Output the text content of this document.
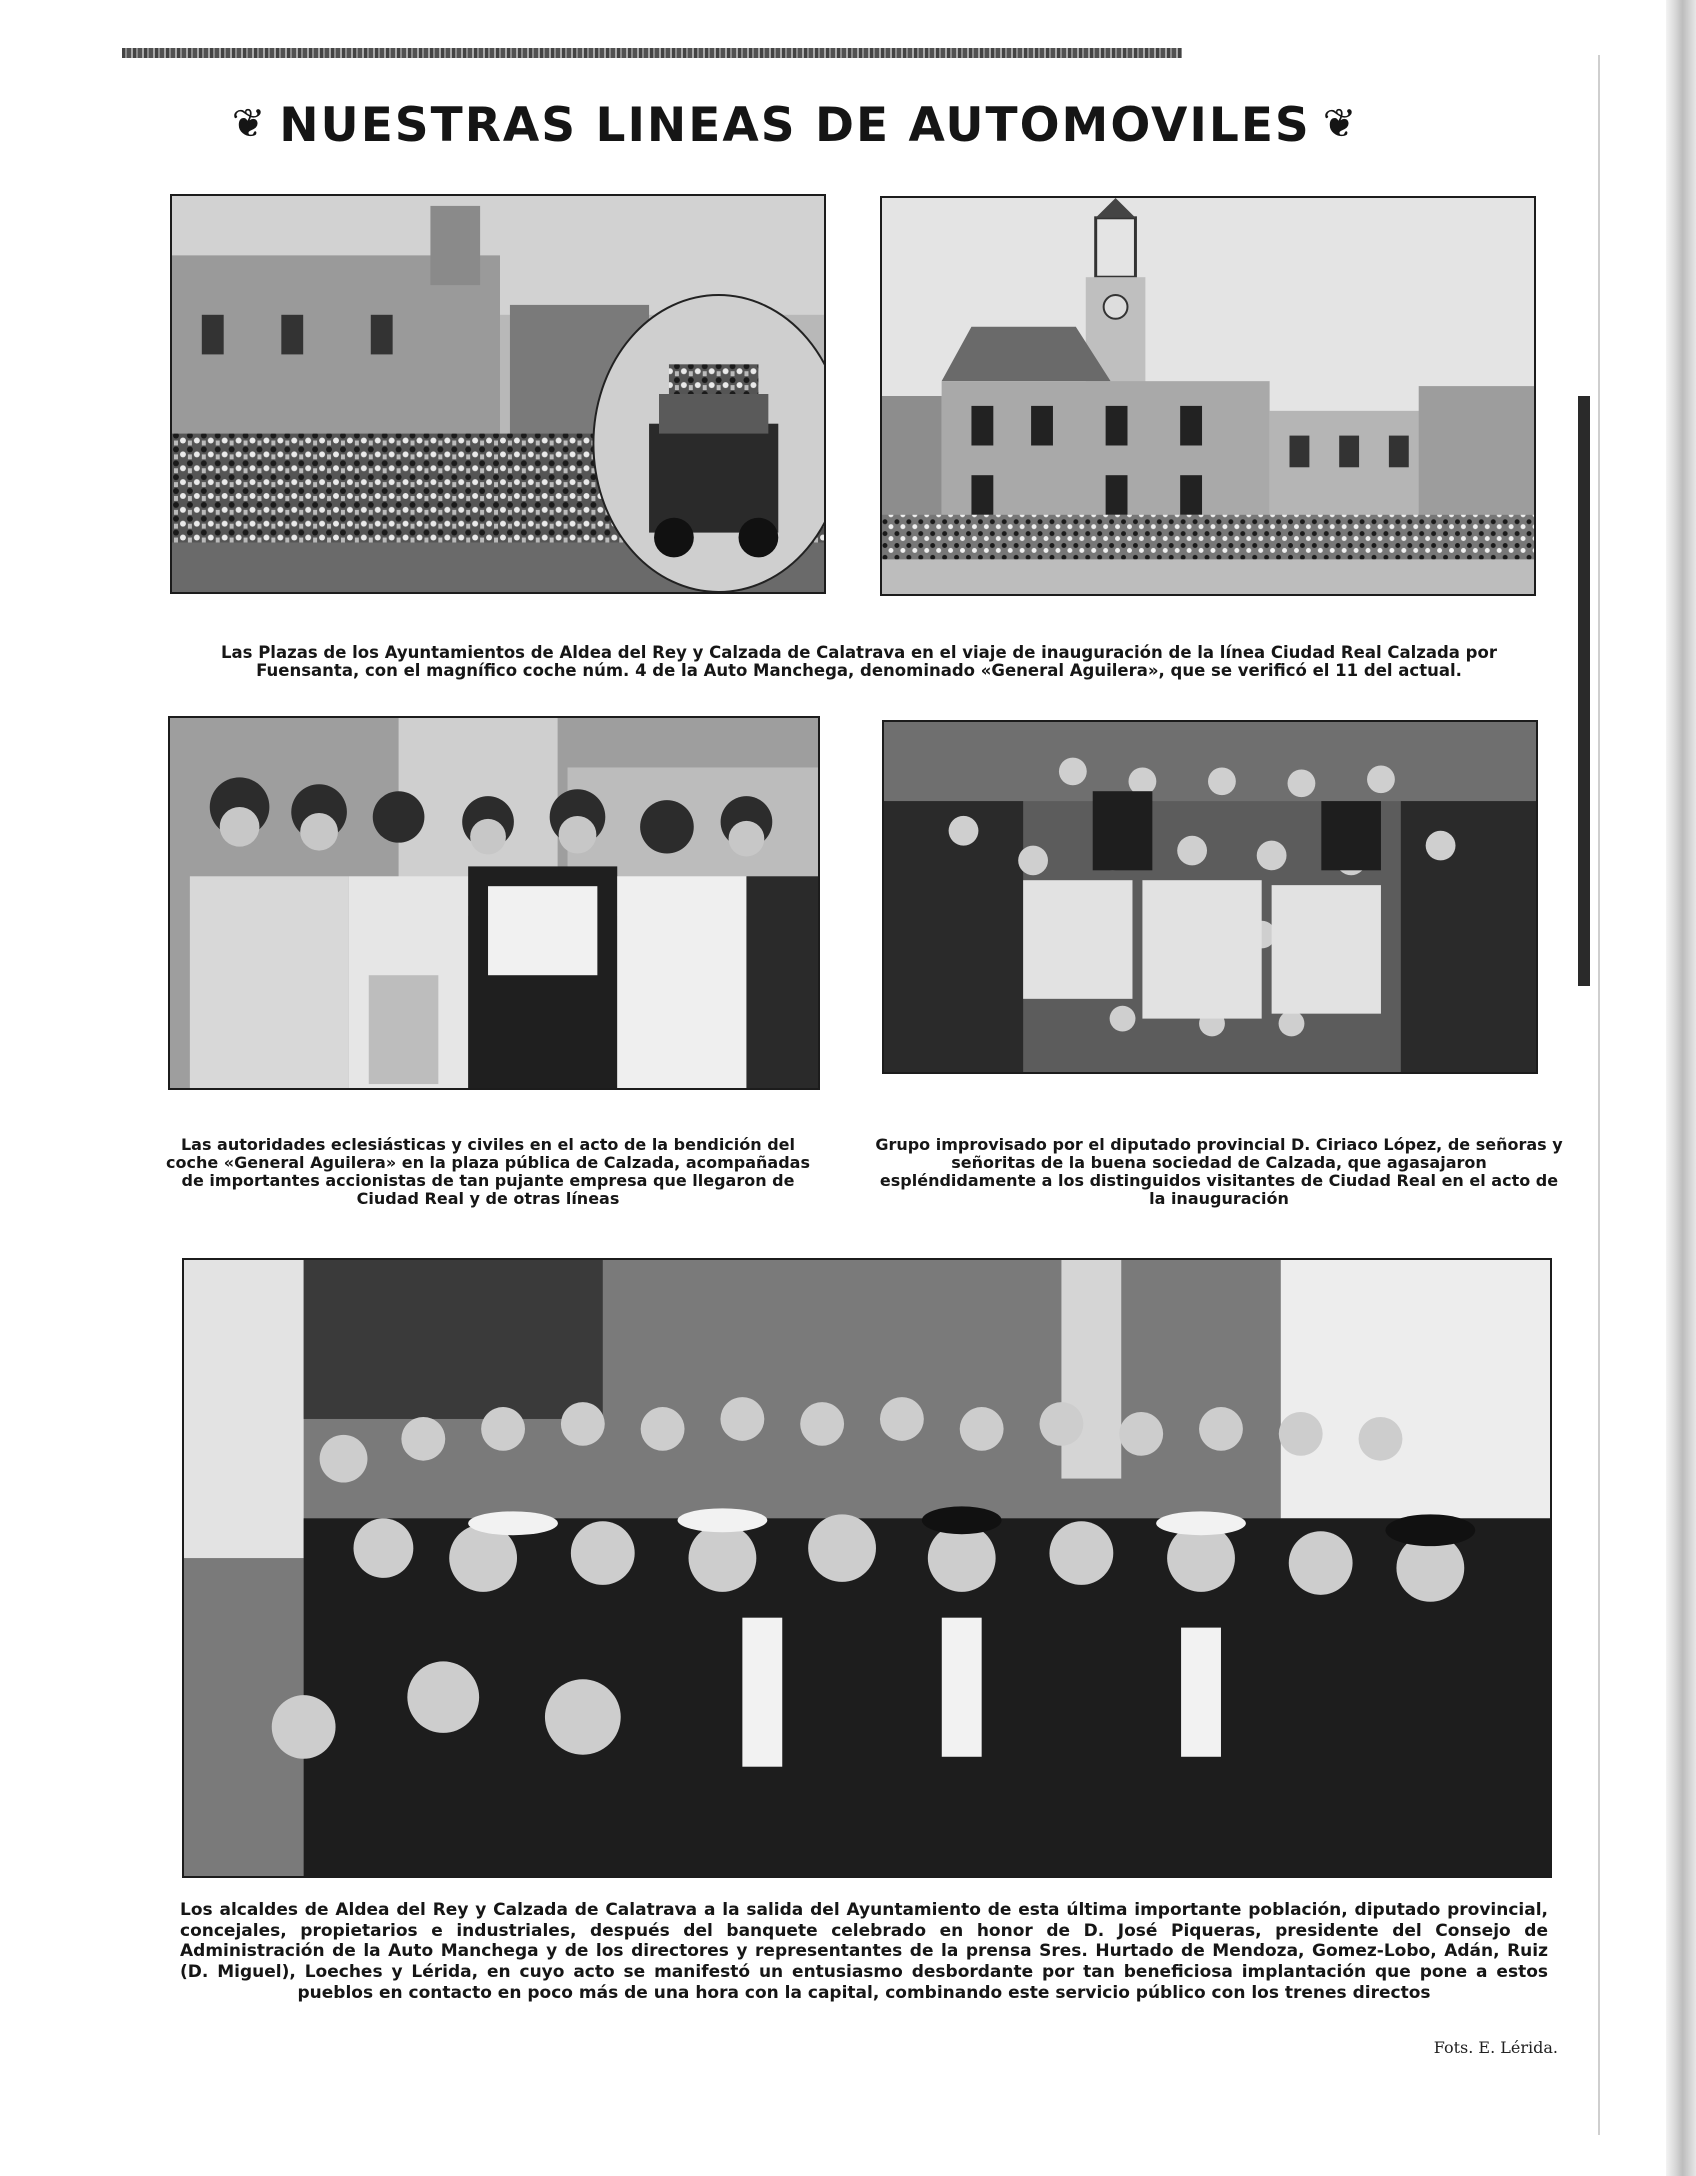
❦ NUESTRAS LINEAS DE AUTOMOVILES ❦
Las Plazas de los Ayuntamientos de Aldea del Rey y Calzada de Calatrava en el viaje de inauguración de la línea Ciudad Real Calzada por Fuensanta, con el magnífico coche núm. 4 de la Auto Manchega, denominado «General Aguilera», que se verificó el 11 del actual.
Las autoridades eclesiásticas y civiles en el acto de la bendición del coche «General Aguilera» en la plaza pública de Calzada, acompañadas de importantes accionistas de tan pujante empresa que llegaron de Ciudad Real y de otras líneas
Grupo improvisado por el diputado provincial D. Ciriaco López, de señoras y señoritas de la buena sociedad de Calzada, que agasajaron espléndidamente a los distinguidos visitantes de Ciudad Real en el acto de la inauguración
Los alcaldes de Aldea del Rey y Calzada de Calatrava a la salida del Ayuntamiento de esta última importante población, diputado provincial, concejales, propietarios e industriales, después del banquete celebrado en honor de D. José Piqueras, presidente del Consejo de Administración de la Auto Manchega y de los directores y representantes de la prensa Sres. Hurtado de Mendoza, Gomez-Lobo, Adán, Ruiz (D. Miguel), Loeches y Lérida, en cuyo acto se manifestó un entusiasmo desbordante por tan beneficiosa implantación que pone a estos pueblos en contacto en poco más de una hora con la capital, combinando este servicio público con los trenes directos
Fots. E. Lérida.
